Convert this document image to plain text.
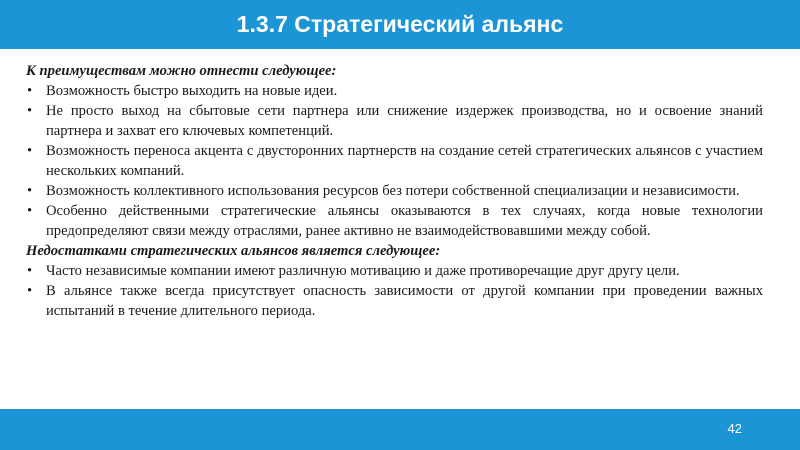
1.3.7 Стратегический альянс
К преимуществам можно отнести следующее:
• Возможность быстро выходить на новые идеи.
• Не просто выход на сбытовые сети партнера или снижение издержек производства, но и освоение знаний партнера и захват его ключевых компетенций.
• Возможность переноса акцента с двусторонних партнерств на создание сетей стратегических альянсов с участием нескольких компаний.
• Возможность коллективного использования ресурсов без потери собственной специализации и независимости.
• Особенно действенными стратегические альянсы оказываются в тех случаях, когда новые технологии предопределяют связи между отраслями, ранее активно не взаимодействовавшими между собой.
Недостатками стратегических альянсов является следующее:
• Часто независимые компании имеют различную мотивацию и даже противоречащие друг другу цели.
• В альянсе также всегда присутствует опасность зависимости от другой компании при проведении важных испытаний в течение длительного периода.
42
